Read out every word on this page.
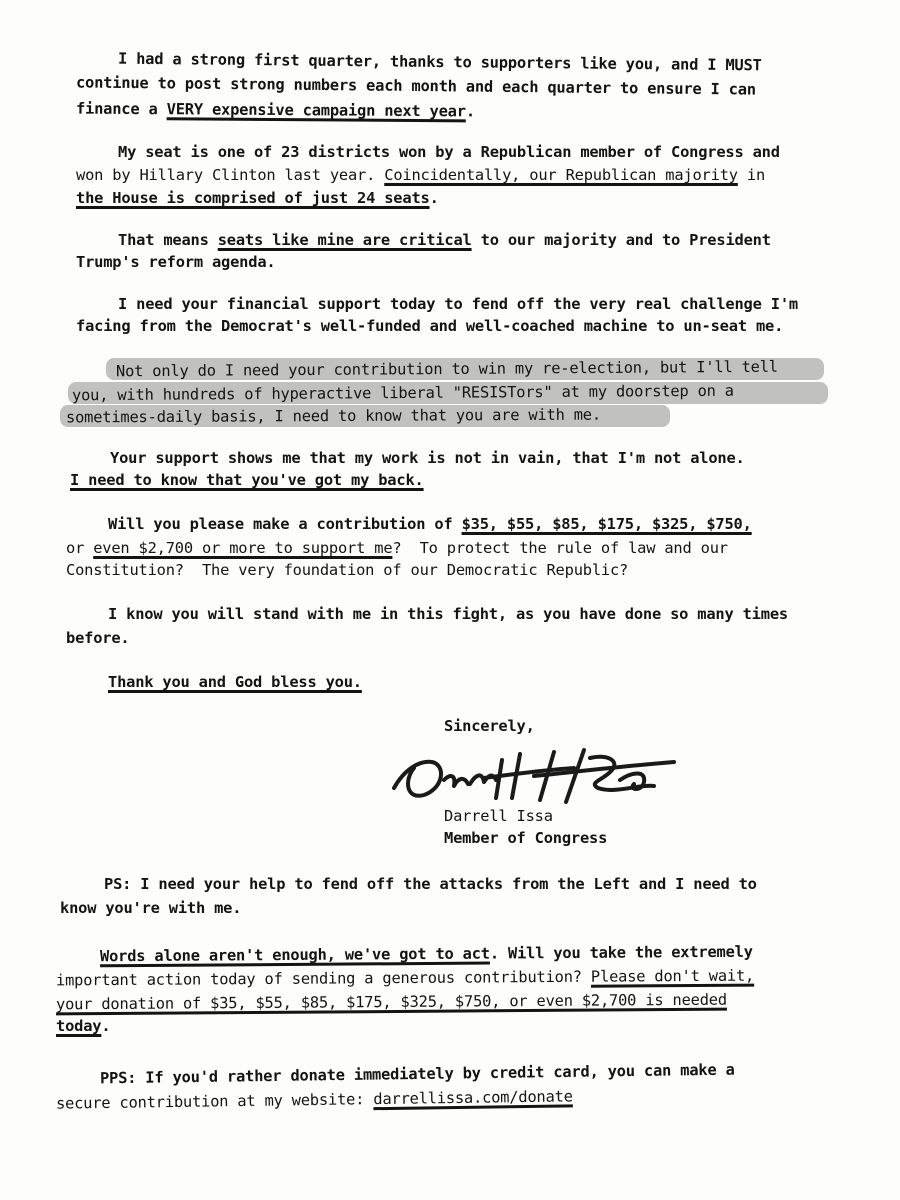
I had a strong first quarter, thanks to supporters like you, and I MUST
continue to post strong numbers each month and each quarter to ensure I can
finance a VERY expensive campaign next year.
My seat is one of 23 districts won by a Republican member of Congress and
won by Hillary Clinton last year. Coincidentally, our Republican majority in
the House is comprised of just 24 seats.
That means seats like mine are critical to our majority and to President
Trump's reform agenda.
I need your financial support today to fend off the very real challenge I'm
facing from the Democrat's well-funded and well-coached machine to un-seat me.
Not only do I need your contribution to win my re-election, but I'll tell
you, with hundreds of hyperactive liberal "RESISTors" at my doorstep on a
sometimes-daily basis, I need to know that you are with me.
Your support shows me that my work is not in vain, that I'm not alone.
I need to know that you've got my back.
Will you please make a contribution of $35, $55, $85, $175, $325, $750,
or even $2,700 or more to support me?  To protect the rule of law and our
Constitution?  The very foundation of our Democratic Republic?
I know you will stand with me in this fight, as you have done so many times
before.
Thank you and God bless you.
Sincerely,
Darrell Issa
Member of Congress
PS: I need your help to fend off the attacks from the Left and I need to
know you're with me.
Words alone aren't enough, we've got to act. Will you take the extremely
important action today of sending a generous contribution? Please don't wait,
your donation of $35, $55, $85, $175, $325, $750, or even $2,700 is needed
today.
PPS: If you'd rather donate immediately by credit card, you can make a
secure contribution at my website: darrellissa.com/donate
